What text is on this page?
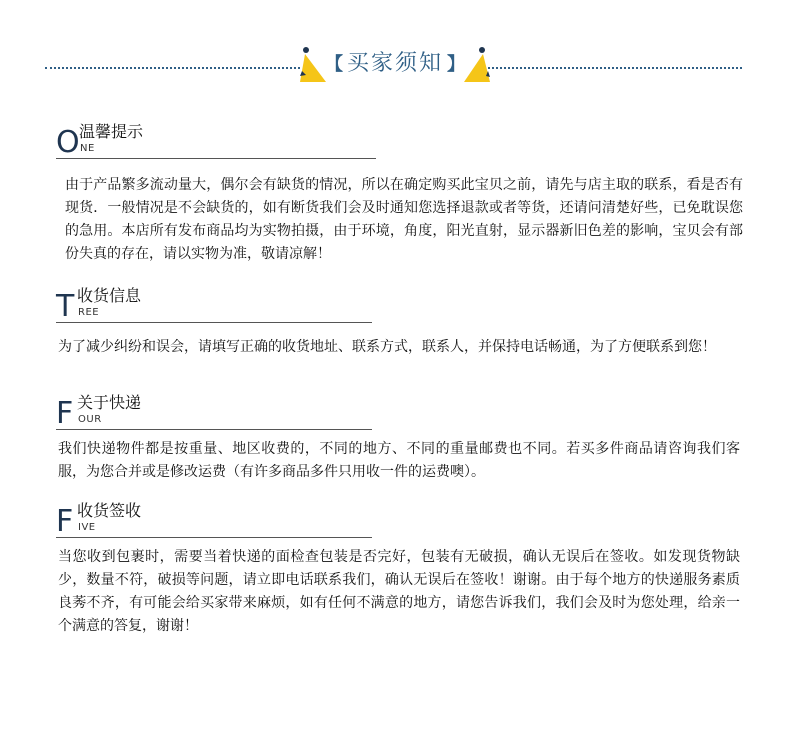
【 买家须知 】
O 温馨提示
NE
由于产品繁多流动量大，偶尔会有缺货的情况，所以在确定购买此宝贝之前，请先与店主取的联系，看是否有现货．一般情况是不会缺货的，如有断货我们会及时通知您选择退款或者等货，还请问清楚好些，已免耽误您的急用。本店所有发布商品均为实物拍摄，由于环境，角度，阳光直射，显示器新旧色差的影响，宝贝会有部份失真的存在，请以实物为准，敬请凉解！
T 收货信息
REE
为了减少纠纷和误会，请填写正确的收货地址、联系方式，联系人，并保持电话畅通，为了方便联系到您！
F 关于快递
OUR
我们快递物件都是按重量、地区收费的，不同的地方、不同的重量邮费也不同。若买多件商品请咨询我们客服，为您合并或是修改运费（有许多商品多件只用收一件的运费噢）。
F 收货签收
IVE
当您收到包裹时，需要当着快递的面检查包装是否完好，包装有无破损，确认无误后在签收。如发现货物缺少，数量不符，破损等问题，请立即电话联系我们，确认无误后在签收！谢谢。由于每个地方的快递服务素质良莠不齐，有可能会给买家带来麻烦，如有任何不满意的地方，请您告诉我们，我们会及时为您处理，给亲一个满意的答复，谢谢！
